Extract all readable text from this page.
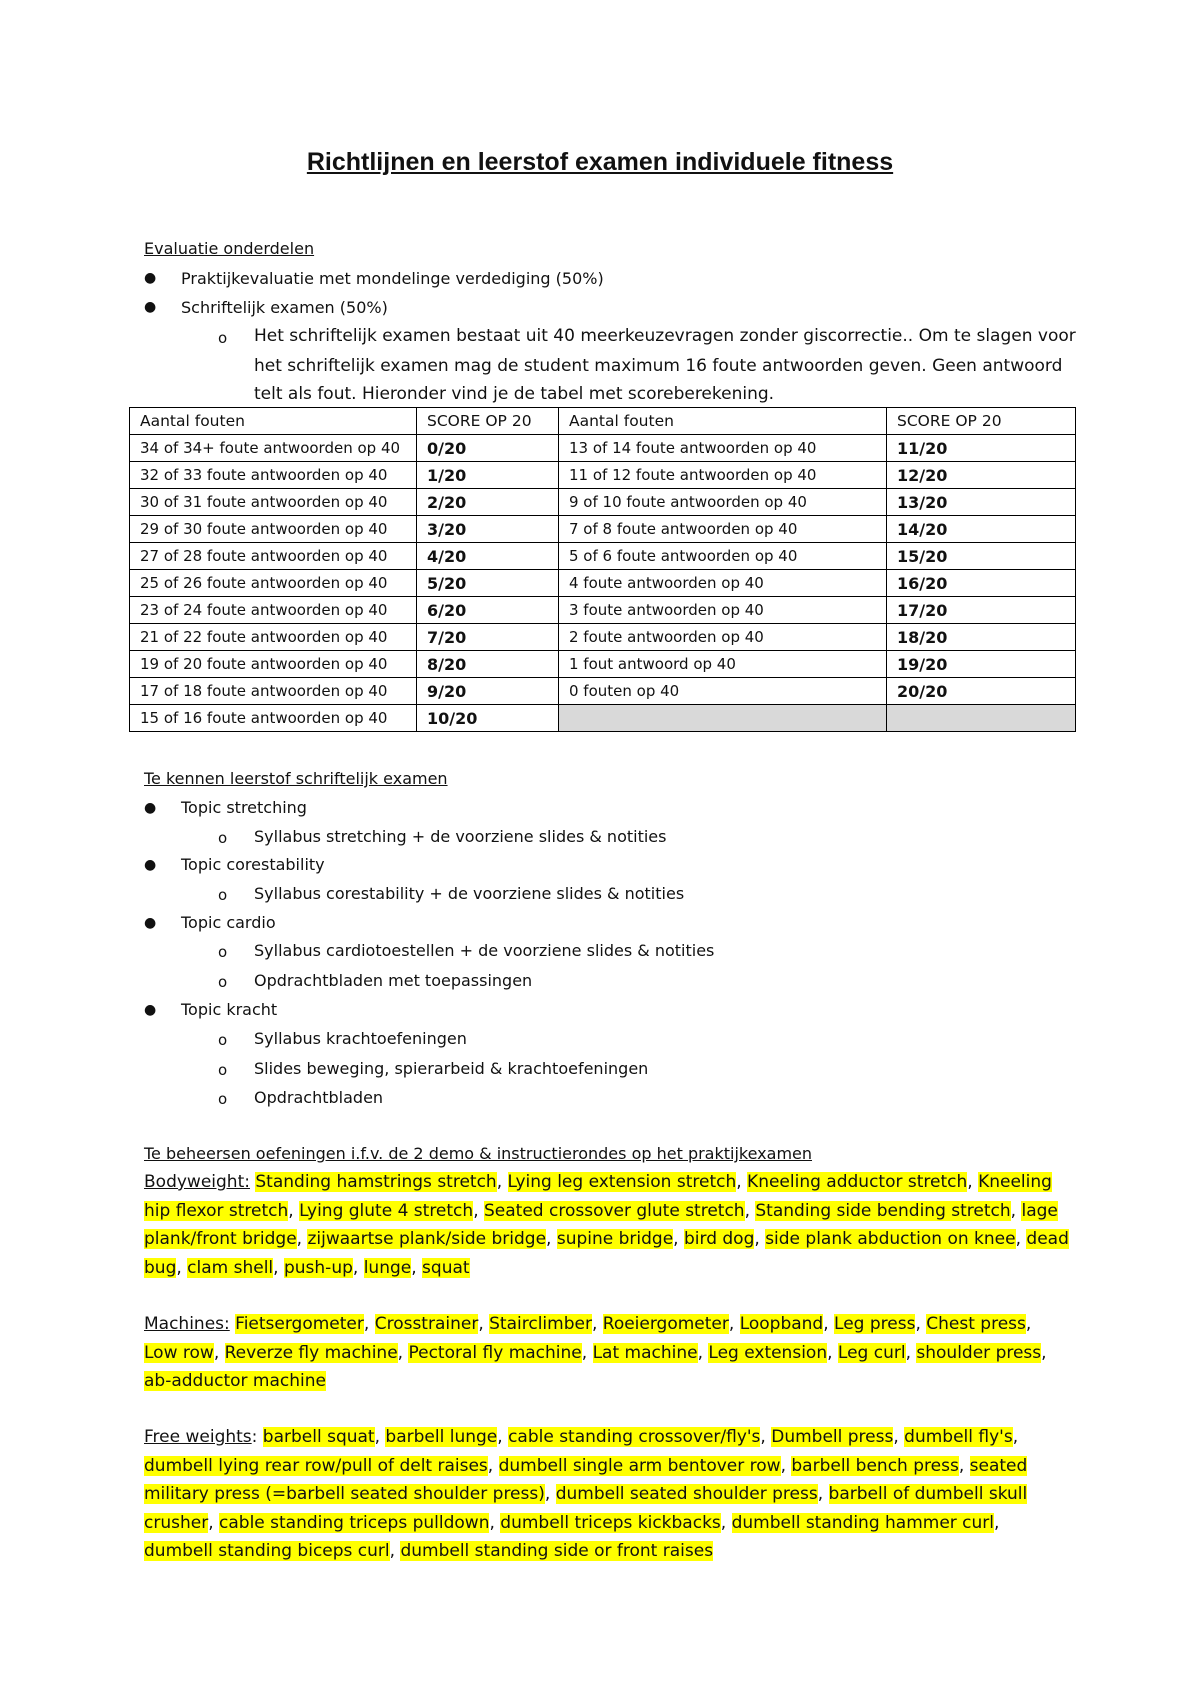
Richtlijnen en leerstof examen individuele fitness
Evaluatie onderdelen
● Praktijkevaluatie met mondelinge verdediging (50%)
● Schriftelijk examen (50%)
o Het schriftelijk examen bestaat uit 40 meerkeuzevragen zonder giscorrectie.. Om te slagen voor
het schriftelijk examen mag de student maximum 16 foute antwoorden geven. Geen antwoord
telt als fout. Hieronder vind je de tabel met scoreberekening.
Aantal fouten	SCORE OP 20	Aantal fouten	SCORE OP 20
34 of 34+ foute antwoorden op 40	0/20	13 of 14 foute antwoorden op 40	11/20
32 of 33 foute antwoorden op 40	1/20	11 of 12 foute antwoorden op 40	12/20
30 of 31 foute antwoorden op 40	2/20	9 of 10 foute antwoorden op 40	13/20
29 of 30 foute antwoorden op 40	3/20	7 of 8 foute antwoorden op 40	14/20
27 of 28 foute antwoorden op 40	4/20	5 of 6 foute antwoorden op 40	15/20
25 of 26 foute antwoorden op 40	5/20	4 foute antwoorden op 40	16/20
23 of 24 foute antwoorden op 40	6/20	3 foute antwoorden op 40	17/20
21 of 22 foute antwoorden op 40	7/20	2 foute antwoorden op 40	18/20
19 of 20 foute antwoorden op 40	8/20	1 fout antwoord op 40	19/20
17 of 18 foute antwoorden op 40	9/20	0 fouten op 40	20/20
15 of 16 foute antwoorden op 40	10/20		
Te kennen leerstof schriftelijk examen
● Topic stretching
o Syllabus stretching + de voorziene slides & notities
● Topic corestability
o Syllabus corestability + de voorziene slides & notities
● Topic cardio
o Syllabus cardiotoestellen + de voorziene slides & notities
o Opdrachtbladen met toepassingen
● Topic kracht
o Syllabus krachtoefeningen
o Slides beweging, spierarbeid & krachtoefeningen
o Opdrachtbladen
Te beheersen oefeningen i.f.v. de 2 demo & instructierondes op het praktijkexamen
Bodyweight: Standing hamstrings stretch, Lying leg extension stretch, Kneeling adductor stretch, Kneeling hip flexor stretch, Lying glute 4 stretch, Seated crossover glute stretch, Standing side bending stretch, lage plank/front bridge, zijwaartse plank/side bridge, supine bridge, bird dog, side plank abduction on knee, dead bug, clam shell, push-up, lunge, squat
Machines: Fietsergometer, Crosstrainer, Stairclimber, Roeiergometer, Loopband, Leg press, Chest press, Low row, Reverze fly machine, Pectoral fly machine, Lat machine, Leg extension, Leg curl, shoulder press, ab-adductor machine
Free weights: barbell squat, barbell lunge, cable standing crossover/fly's, Dumbell press, dumbell fly's, dumbell lying rear row/pull of delt raises, dumbell single arm bentover row, barbell bench press, seated military press (=barbell seated shoulder press), dumbell seated shoulder press, barbell of dumbell skull crusher, cable standing triceps pulldown, dumbell triceps kickbacks, dumbell standing hammer curl, dumbell standing biceps curl, dumbell standing side or front raises
